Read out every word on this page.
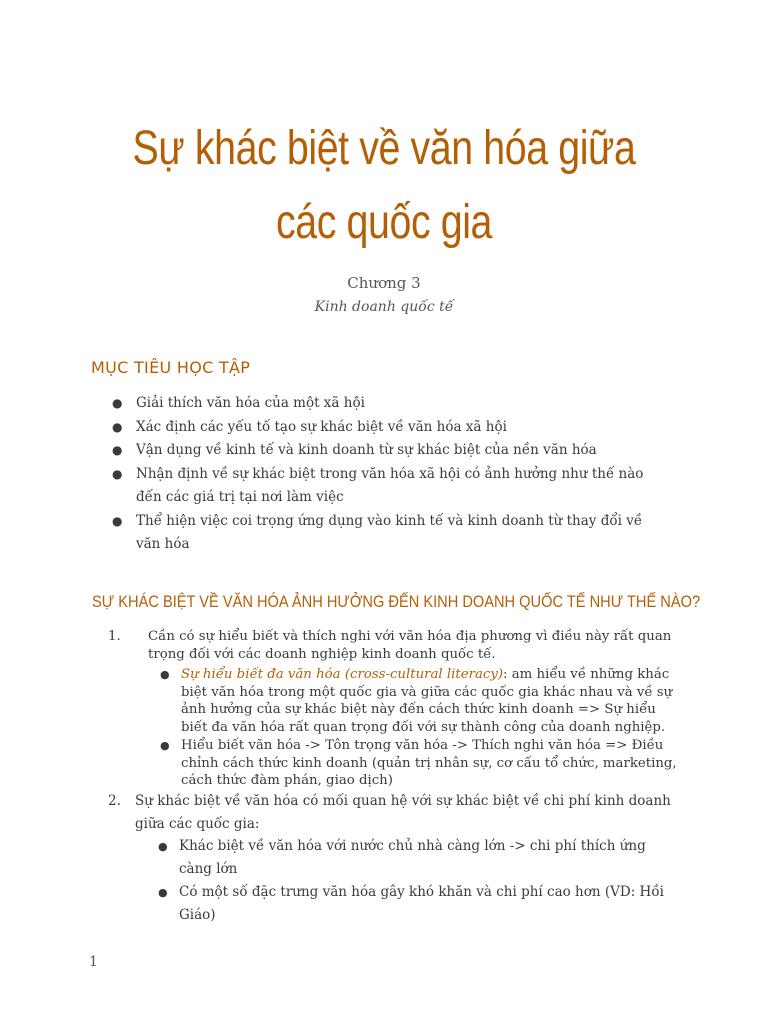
Sự khác biệt về văn hóa giữa
các quốc gia
Chương 3
Kinh doanh quốc tế
MỤC TIÊU HỌC TẬP
● Giải thích văn hóa của một xã hội
● Xác định các yếu tố tạo sự khác biệt về văn hóa xã hội
● Vận dụng về kinh tế và kinh doanh từ sự khác biệt của nền văn hóa
● Nhận định về sự khác biệt trong văn hóa xã hội có ảnh hưởng như thế nào đến các giá trị tại nơi làm việc
● Thể hiện việc coi trọng ứng dụng vào kinh tế và kinh doanh từ thay đổi về văn hóa
SỰ KHÁC BIỆT VỀ VĂN HÓA ẢNH HƯỞNG ĐẾN KINH DOANH QUỐC TẾ NHƯ THẾ NÀO?
1.	Cần có sự hiểu biết và thích nghi với văn hóa địa phương vì điều này rất quan trọng đối với các doanh nghiệp kinh doanh quốc tế.
● Sự hiểu biết đa văn hóa (cross-cultural literacy): am hiểu về những khác biệt văn hóa trong một quốc gia và giữa các quốc gia khác nhau và về sự ảnh hưởng của sự khác biệt này đến cách thức kinh doanh => Sự hiểu biết đa văn hóa rất quan trọng đối với sự thành công của doanh nghiệp.
● Hiểu biết văn hóa -> Tôn trọng văn hóa -> Thích nghi văn hóa => Điều chỉnh cách thức kinh doanh (quản trị nhân sự, cơ cấu tổ chức, marketing, cách thức đàm phán, giao dịch)
2.	Sự khác biệt về văn hóa có mối quan hệ với sự khác biệt về chi phí kinh doanh giữa các quốc gia:
● Khác biệt về văn hóa với nước chủ nhà càng lớn -> chi phí thích ứng càng lớn
● Có một số đặc trưng văn hóa gây khó khăn và chi phí cao hơn (VD: Hồi Giáo)
1
